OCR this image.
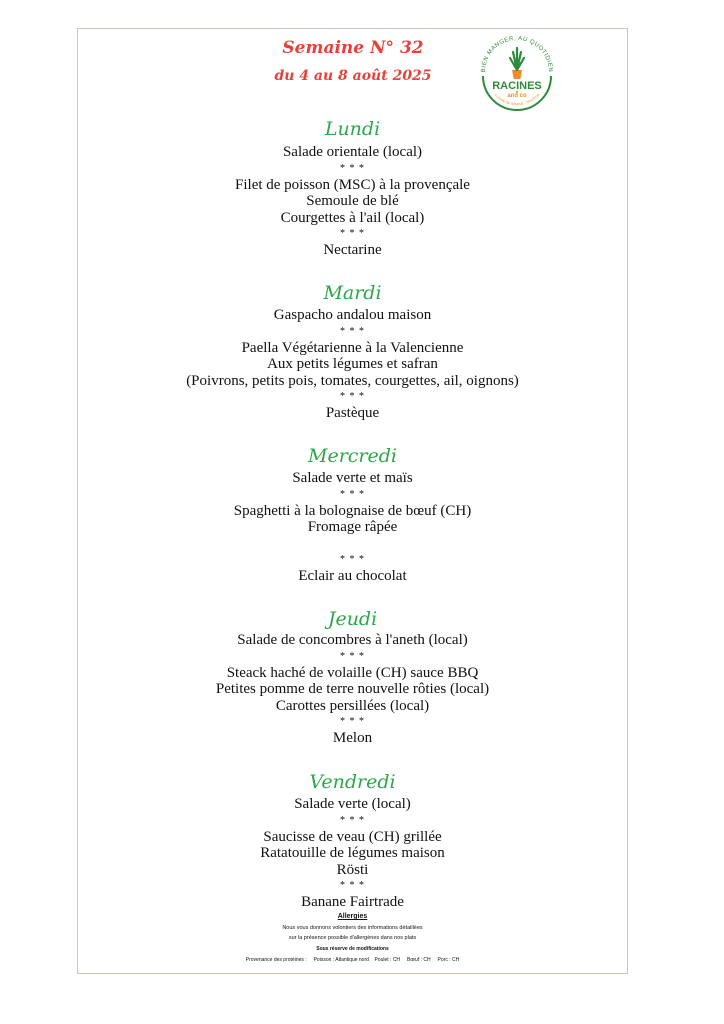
Semaine N° 32
du 4 au 8 août 2025	BIEN MANGER, AU QUOTIDIEN
RACINES
and co
CUISINE DE GENEVE - TRAITEUR
Lundi
Salade orientale (local)
* * *
Filet de poisson (MSC) à la provençale
Semoule de blé
Courgettes à l'ail (local)
* * *
Nectarine
Mardi
Gaspacho andalou maison
* * *
Paella Végétarienne à la Valencienne
Aux petits légumes et safran
(Poivrons, petits pois, tomates, courgettes, ail, oignons)
* * *
Pastèque
Mercredi
Salade verte et maïs
* * *
Spaghetti à la bolognaise de bœuf (CH)
Fromage râpée
* * *
Eclair au chocolat
Jeudi
Salade de concombres à l'aneth (local)
* * *
Steack haché de volaille (CH) sauce BBQ
Petites pomme de terre nouvelle rôties (local)
Carottes persillées (local)
* * *
Melon
Vendredi
Salade verte (local)
* * *
Saucisse de veau (CH) grillée
Ratatouille de légumes maison
Rösti
* * *
Banane Fairtrade
Allergies
Nous vous donnons volontiers des informations détaillées
sur la présence possible d'allergènes dans nos plats
Sous réserve de modifications
Provenance des protéines :     Poisson : Atlantique nord    Poulet : CH     Bœuf : CH     Porc : CH
